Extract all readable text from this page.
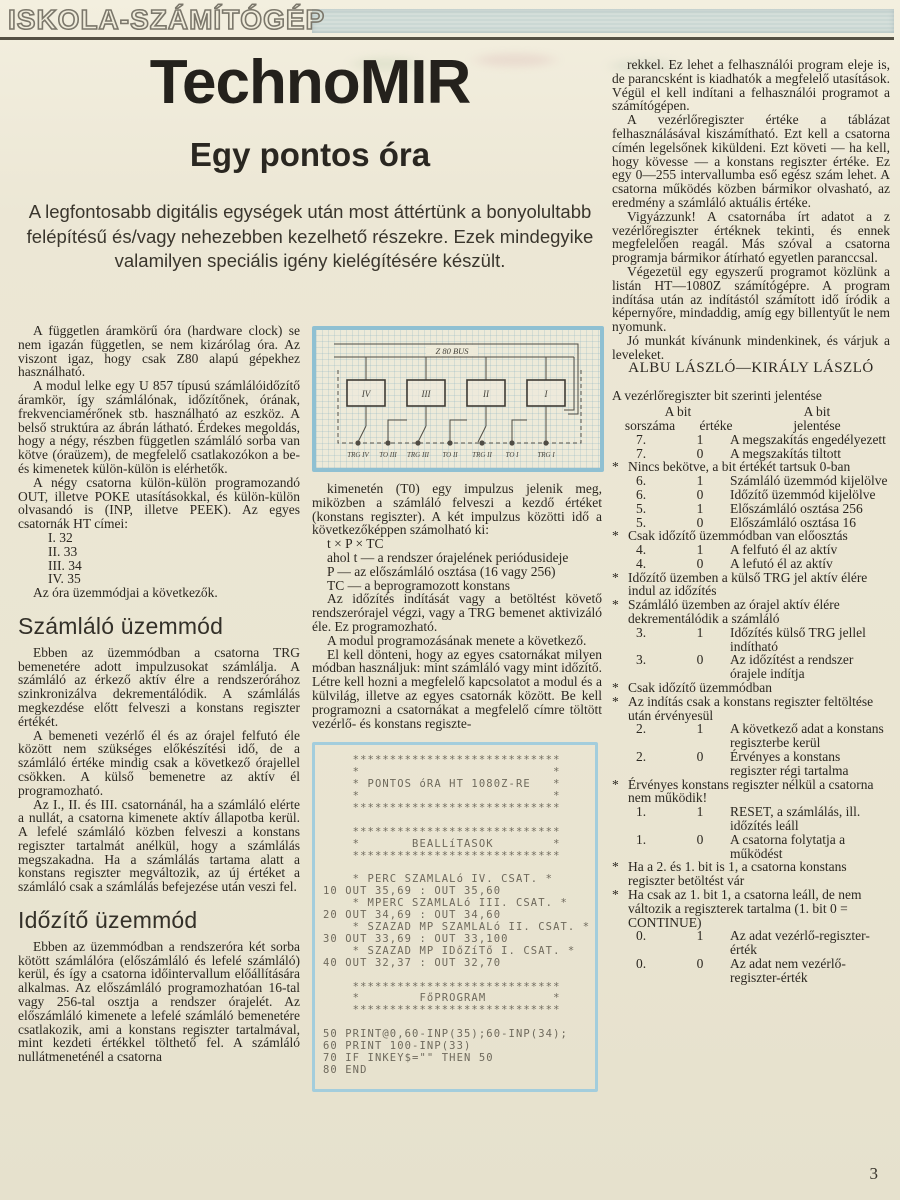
ISKOLA-SZÁMÍTÓGÉP
TechnoMIR
Egy pontos óra
A legfontosabb digitális egységek után most áttértünk a bonyolultabb felépítésű és/vagy nehezebben kezelhető részekre. Ezek mindegyike valamilyen speciális igény kielégítésére készült.

A független áramkörű óra (hardware clock) se nem igazán független, se nem kizárólag óra. Az viszont igaz, hogy csak Z80 alapú gépekhez használható.

A modul lelke egy U 857 típusú számlálóidőzítő áramkör, így számlálónak, időzítőnek, órának, frekvenciamérőnek stb. használható az eszköz. A belső struktúra az ábrán látható. Érdekes megoldás, hogy a négy, részben független számláló sorba van kötve (óraüzem), de megfelelő csatlakozókon a be- és kimenetek külön-külön is elérhetők.

A négy csatorna külön-külön programozandó OUT, illetve POKE utasításokkal, és külön-külön olvasandó is (INP, illetve PEEK). Az egyes csatornák HT címei:

I. 32
II. 33
III. 34
IV. 35

Az óra üzemmódjai a következők.

Számláló üzemmód

Ebben az üzemmódban a csatorna TRG bemenetére adott impulzusokat számlálja. A számláló az érkező aktív élre a rendszerórához szinkronizálva dekrementálódik. A számlálás megkezdése előtt felveszi a konstans regiszter értékét.

A bemeneti vezérlő él és az órajel felfutó éle között nem szükséges előkészítési idő, de a számláló értéke mindig csak a következő órajellel csökken. A külső bemenetre az aktív él programozható.

Az I., II. és III. csatornánál, ha a számláló elérte a nullát, a csatorna kimenete aktív állapotba kerül. A lefelé számláló közben felveszi a konstans regiszter tartalmát anélkül, hogy a számlálás megszakadna. Ha a számlálás tartama alatt a konstans regiszter megváltozik, az új értéket a számláló csak a számlálás befejezése után veszi fel.

Időzítő üzemmód

Ebben az üzemmódban a rendszeróra két sorba kötött számlálóra (előszámláló és lefelé számláló) kerül, és így a csatorna időintervallum előállítására alkalmas. Az előszámláló programozhatóan 16-tal vagy 256-tal osztja a rendszer órajelét. Az előszámláló kimenete a lefelé számláló bemenetére csatlakozik, ami a konstans regiszter tartalmával, mint kezdeti értékkel tölthető fel. A számláló nullátmeneténél a csatorna

Z 80 BUS
IV	III	II	I
TRG IV TO III TRG III TO II TRG II TO I	TRG I

kimenetén (T0) egy impulzus jelenik meg, miközben a számláló felveszi a kezdő értéket (konstans regiszter). A két impulzus közötti idő a következőképpen számolható ki:

t × P × TC

ahol t — a rendszer órajelének periódusideje

P — az előszámláló osztása (16 vagy 256)

TC — a beprogramozott konstans

Az időzítés indítását vagy a betöltést követő rendszerórajel végzi, vagy a TRG bemenet aktivizáló éle. Ez programozható.

A modul programozásának menete a következő.

El kell dönteni, hogy az egyes csatornákat milyen módban használjuk: mint számláló vagy mint időzítő. Létre kell hozni a megfelelő kapcsolatot a modul és a külvilág, illetve az egyes csatornák között. Be kell programozni a csatornákat a megfelelő címre töltött vezérlő- és konstans regiszte-

****************************
*                          *
* PONTOS óRA HT 1080Z-RE   *
*                          *
****************************

****************************
*       BEALLíTASOK        *
****************************

* PERC SZAMLALó IV. CSAT. *
10 OUT 35,69 : OUT 35,60
* MPERC SZAMLALó III. CSAT. *
20 OUT 34,69 : OUT 34,60
* SZAZAD MP SZAMLALó II. CSAT. *
30 OUT 33,69 : OUT 33,100
* SZAZAD MP IDőZíTő I. CSAT. *
40 OUT 32,37 : OUT 32,70

****************************
*        FőPROGRAM         *
****************************

50 PRINT@0,60-INP(35);60-INP(34);
60 PRINT 100-INP(33)
70 IF INKEY$="" THEN 50
80 END

rekkel. Ez lehet a felhasználói program eleje is, de parancsként is kiadhatók a megfelelő utasítások. Végül el kell indítani a felhasználói programot a számítógépen.

A vezérlőregiszter értéke a táblázat felhasználásával kiszámítható. Ezt kell a csatorna címén legelsőnek kiküldeni. Ezt követi — ha kell, hogy kövesse — a konstans regiszter értéke. Ez egy 0—255 intervallumba eső egész szám lehet. A csatorna működés közben bármikor olvasható, az eredmény a számláló aktuális értéke.

Vigyázzunk! A csatornába írt adatot a z vezérlőregiszter értéknek tekinti, és ennek megfelelően reagál. Más szóval a csatorna programja bármikor átírható egyetlen paranccsal.

Végezetül egy egyszerű programot közlünk a listán HT—1080Z számítógépre. A program indítása után az indítástól számított idő íródik a képernyőre, mindaddig, amíg egy billentyűt le nem nyomunk.

Jó munkát kívánunk mindenkinek, és várjuk a leveleket.

ALBU LÁSZLÓ—KIRÁLY LÁSZLÓ

A vezérlőregiszter bit szerinti jelentése

A bit	A bit
sorszáma	értéke	jelentése
7.	1	A megszakítás engedélyezett
7.	0	A megszakítás tiltott
* Nincs bekötve, a bit értékét tartsuk 0-ban
6.	1	Számláló üzemmód kijelölve
6.	0	Időzítő üzemmód kijelölve
5.	1	Előszámláló osztása 256
5.	0	Előszámláló osztása 16
* Csak időzítő üzemmódban van előosztás
4.	1	A felfutó él az aktív
4.	0	A lefutó él az aktív
* Időzítő üzemben a külső TRG jel aktív élére indul az időzítés
* Számláló üzemben az órajel aktív élére dekrementálódik a számláló
3.	1	Időzítés külső TRG jellel indítható
3.	0	Az időzítést a rendszer órajele indítja
* Csak időzítő üzemmódban
* Az indítás csak a konstans regiszter feltöltése után érvényesül
2.	1	A következő adat a konstans regiszterbe kerül
2.	0	Érvényes a konstans regiszter régi tartalma
* Érvényes konstans regiszter nélkül a csatorna nem működik!
1.	1	RESET, a számlálás, ill. időzítés leáll
1.	0	A csatorna folytatja a működést
* Ha a 2. és 1. bit is 1, a csatorna konstans regiszter betöltést vár
* Ha csak az 1. bit 1, a csatorna leáll, de nem változik a regiszterek tartalma (1. bit 0 = CONTINUE)
0.	1	Az adat vezérlő-regiszter-érték
0.	0	Az adat nem vezérlő-regiszter-érték
3
